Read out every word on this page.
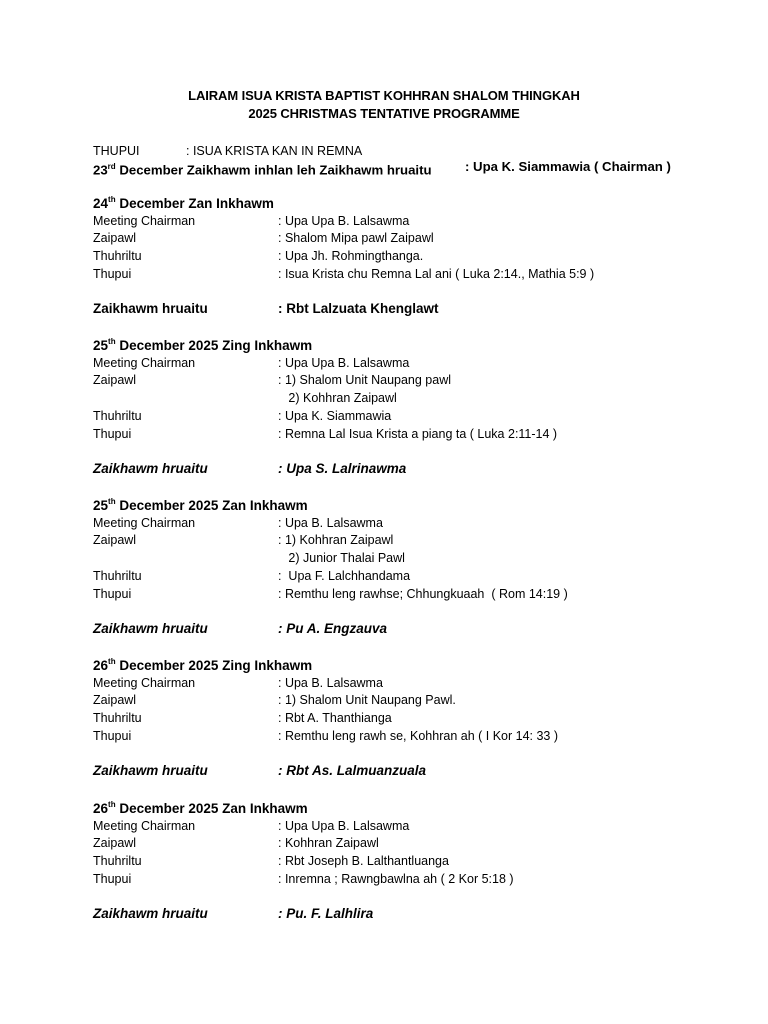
LAIRAM ISUA KRISTA BAPTIST KOHHRAN SHALOM THINGKAH
2025 CHRISTMAS TENTATIVE PROGRAMME
THUPUI	: ISUA KRISTA KAN IN REMNA
23rd December Zaikhawm inhlan leh Zaikhawm hruaitu	: Upa K. Siammawia ( Chairman )
24th December Zan Inkhawm
Meeting Chairman	: Upa Upa B. Lalsawma
Zaipawl	: Shalom Mipa pawl Zaipawl
Thuhriltu	: Upa Jh. Rohmingthanga.
Thupui	: Isua Krista chu Remna Lal ani ( Luka 2:14., Mathia 5:9 )
Zaikhawm hruaitu	: Rbt Lalzuata Khenglawt
25th December 2025 Zing Inkhawm
Meeting Chairman	: Upa Upa B. Lalsawma
Zaipawl	: 1) Shalom Unit Naupang pawl
2) Kohhran Zaipawl
Thuhriltu	: Upa K. Siammawia
Thupui	: Remna Lal Isua Krista a piang ta ( Luka 2:11-14 )
Zaikhawm hruaitu	: Upa S. Lalrinawma
25th December 2025 Zan Inkhawm
Meeting Chairman	: Upa B. Lalsawma
Zaipawl	: 1) Kohhran Zaipawl
2) Junior Thalai Pawl
Thuhriltu	:  Upa F. Lalchhandama
Thupui	: Remthu leng rawhse; Chhungkuaah  ( Rom 14:19 )
Zaikhawm hruaitu	: Pu A. Engzauva
26th December 2025 Zing Inkhawm
Meeting Chairman	: Upa B. Lalsawma
Zaipawl	: 1) Shalom Unit Naupang Pawl.
Thuhriltu	: Rbt A. Thanthianga
Thupui	: Remthu leng rawh se, Kohhran ah ( I Kor 14: 33 )
Zaikhawm hruaitu	: Rbt As. Lalmuanzuala
26th December 2025 Zan Inkhawm
Meeting Chairman	: Upa Upa B. Lalsawma
Zaipawl	: Kohhran Zaipawl
Thuhriltu	: Rbt Joseph B. Lalthantluanga
Thupui	: Inremna ; Rawngbawlna ah ( 2 Kor 5:18 )
Zaikhawm hruaitu	: Pu. F. Lalhlira
